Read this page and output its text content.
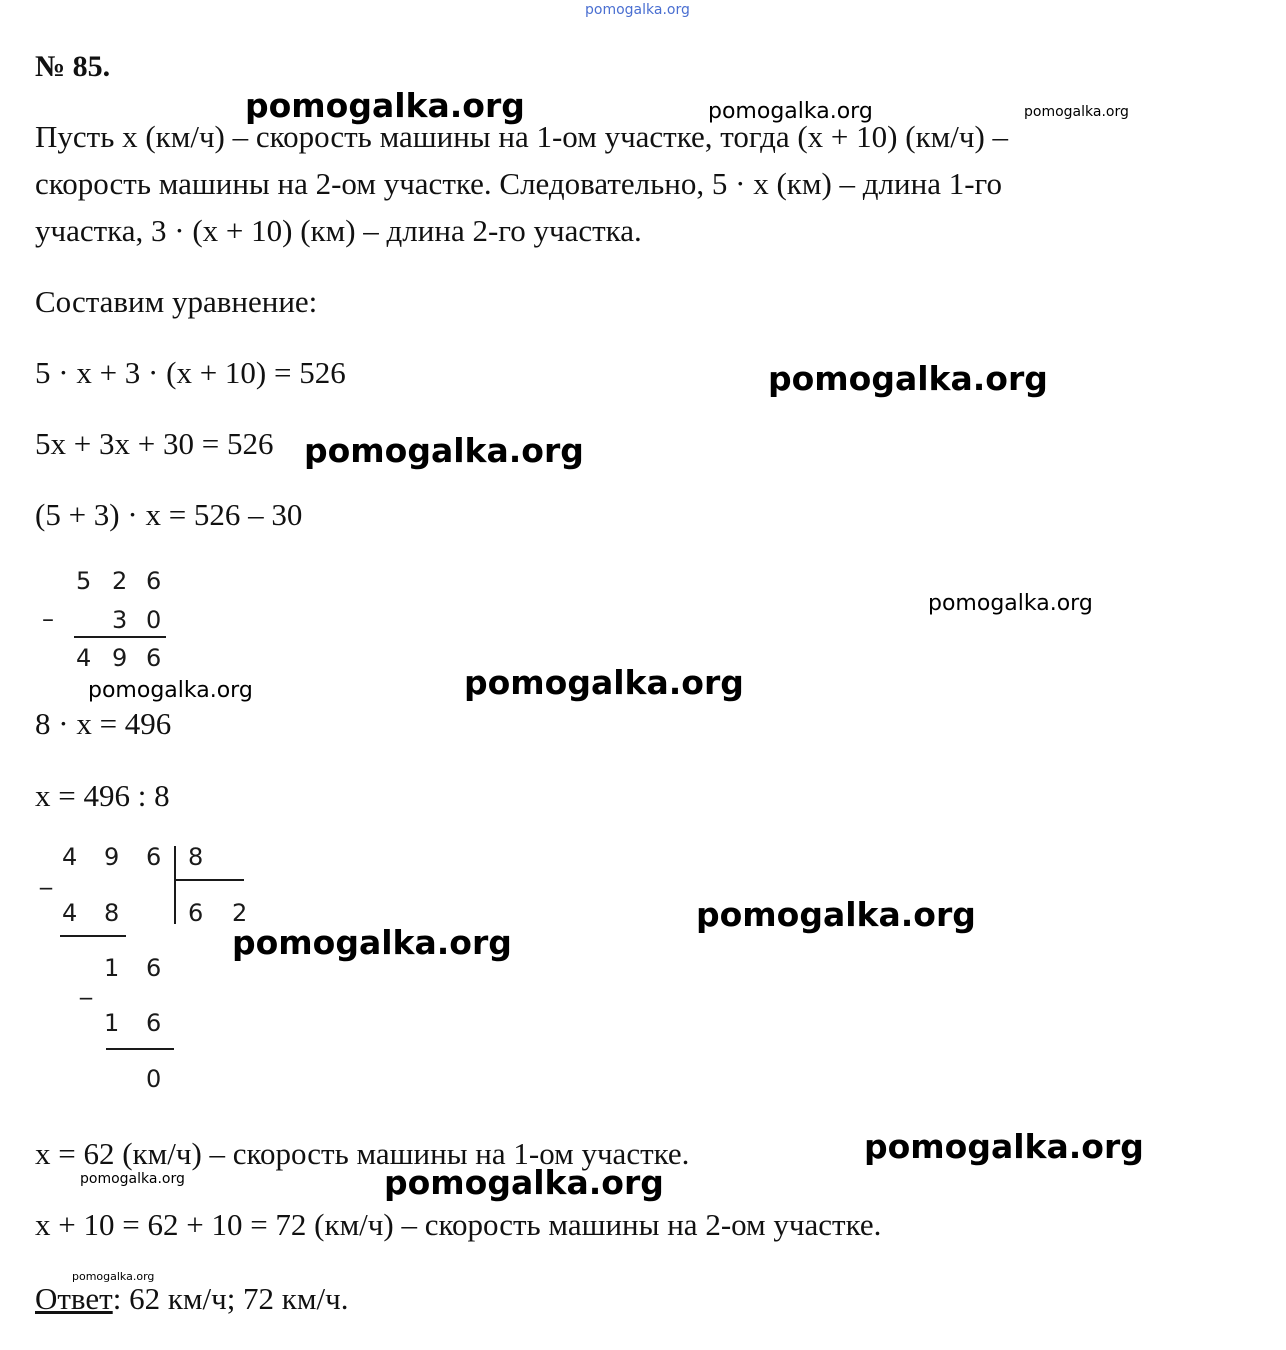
pomogalka.org
№ 85.
Пусть х (км/ч) – скорость машины на 1-ом участке, тогда (х + 10) (км/ч) –
скорость машины на 2-ом участке. Следовательно, 5 · х (км) – длина 1-го
участка, 3 · (х + 10) (км) – длина 2-го участка.
Составим уравнение:
5 · х + 3 · (х + 10) = 526
5х + 3х + 30 = 526
(5 + 3) · х = 526 – 30
–
5 2 6
3 0
4 9 6
8 · х = 496
х = 496 : 8
_
4 9 6 8
6 2
4 8
_
1 6
1 6
0
х = 62 (км/ч) – скорость машины на 1-ом участке.
х + 10 = 62 + 10 = 72 (км/ч) – скорость машины на 2-ом участке.
Ответ: 62 км/ч; 72 км/ч.
pomogalka.org	pomogalka.org	pomogalka.org
pomogalka.org
pomogalka.org
pomogalka.org
pomogalka.org
pomogalka.org
pomogalka.org
pomogalka.org
pomogalka.org
pomogalka.org	pomogalka.org
pomogalka.org
